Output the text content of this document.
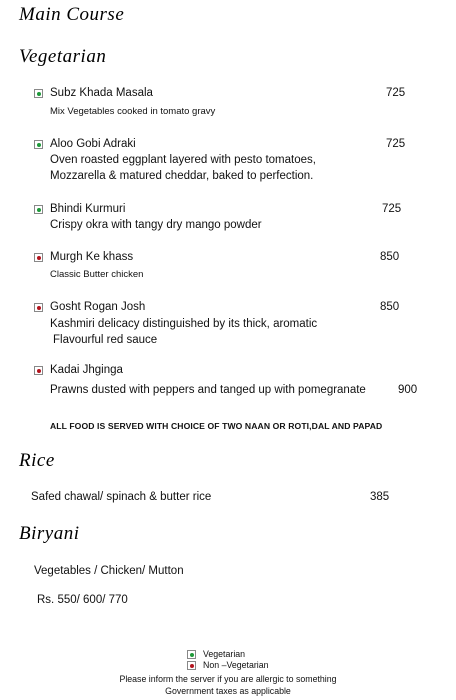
Main Course
Vegetarian
Subz Khada Masala	725
Mix Vegetables cooked in tomato gravy
Aloo Gobi Adraki	725
Oven roasted eggplant layered with pesto tomatoes,
Mozzarella & matured cheddar, baked to perfection.
Bhindi Kurmuri	725
Crispy okra with tangy dry mango powder
Murgh Ke khass	850
Classic Butter chicken
Gosht Rogan Josh	850
Kashmiri delicacy distinguished by its thick, aromatic
Flavourful red sauce
Kadai Jhginga
Prawns dusted with peppers and tanged up with pomegranate	900
ALL FOOD IS SERVED WITH CHOICE OF TWO NAAN OR ROTI,DAL AND PAPAD
Rice
Safed chawal/ spinach & butter rice	385
Biryani
Vegetables / Chicken/ Mutton
Rs. 550/ 600/ 770
Vegetarian
Non –Vegetarian
Please inform the server if you are allergic to something
Government taxes as applicable
